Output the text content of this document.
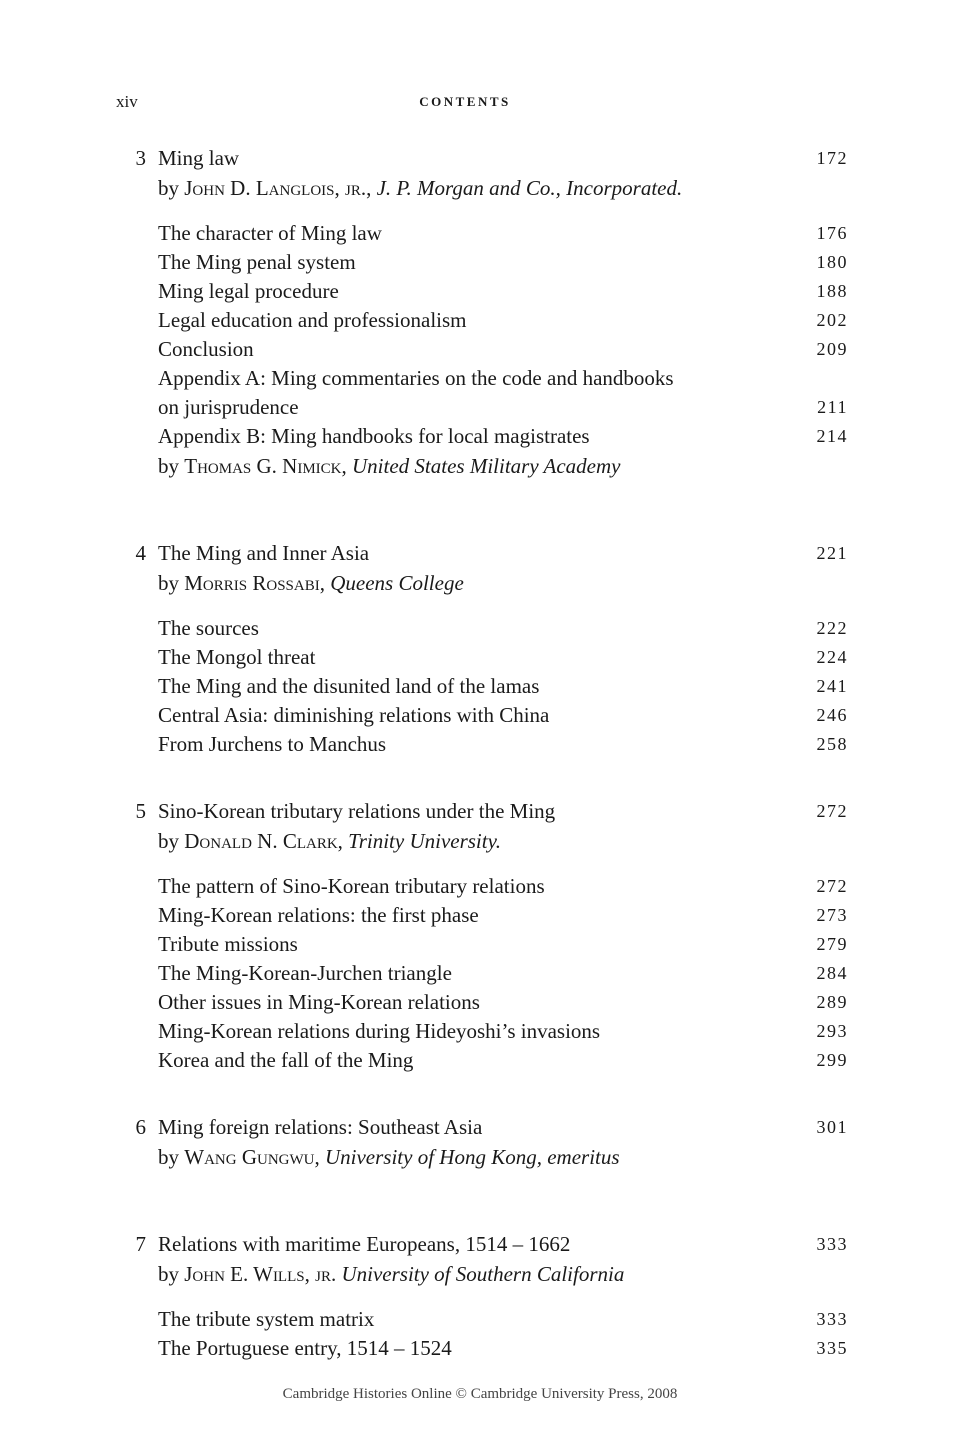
xiv	CONTENTS
3 Ming law	172
by John D. Langlois, jr., J. P. Morgan and Co., Incorporated.
The character of Ming law	176
The Ming penal system	180
Ming legal procedure	188
Legal education and professionalism	202
Conclusion	209
Appendix A: Ming commentaries on the code and handbooks
on jurisprudence	211
Appendix B: Ming handbooks for local magistrates	214
by Thomas G. Nimick, United States Military Academy
4 The Ming and Inner Asia	221
by Morris Rossabi, Queens College
The sources	222
The Mongol threat	224
The Ming and the disunited land of the lamas	241
Central Asia: diminishing relations with China	246
From Jurchens to Manchus	258
5 Sino-Korean tributary relations under the Ming	272
by Donald N. Clark, Trinity University.
The pattern of Sino-Korean tributary relations	272
Ming-Korean relations: the first phase	273
Tribute missions	279
The Ming-Korean-Jurchen triangle	284
Other issues in Ming-Korean relations	289
Ming-Korean relations during Hideyoshi’s invasions	293
Korea and the fall of the Ming	299
6 Ming foreign relations: Southeast Asia	301
by Wang Gungwu, University of Hong Kong, emeritus
7 Relations with maritime Europeans, 1514 – 1662	333
by John E. Wills, jr. University of Southern California
The tribute system matrix	333
The Portuguese entry, 1514 – 1524	335
Cambridge Histories Online © Cambridge University Press, 2008
